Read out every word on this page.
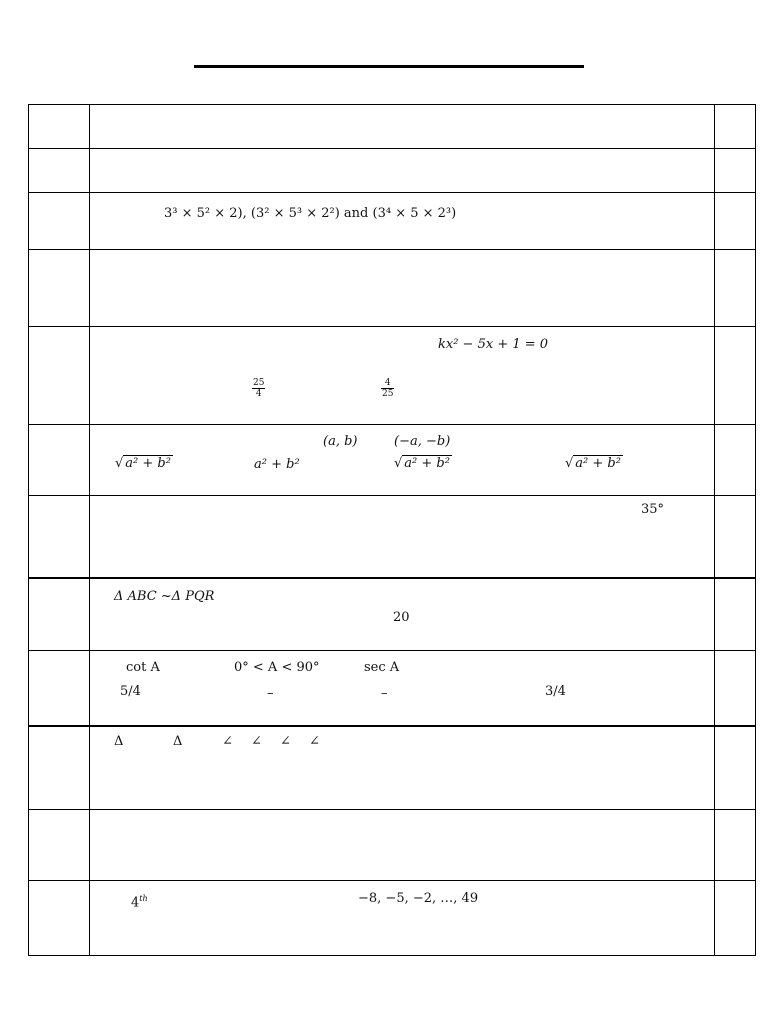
3³ × 5² × 2), (3² × 5³ × 2²) and (3⁴ × 5 × 2³)
kx² − 5x + 1 = 0
$\frac{25}{4}$	$\frac{4}{25}$
(a, b)	(−a, −b)
√ a² + b²	a² + b²	√ a² + b²	√ a² + b²
35°
Δ ABC ~Δ PQR
20
cot A	0° < A < 90°	sec A
5/4	–	–	3/4
Δ	Δ	∠ ∠ ∠ ∠
4th	−8, −5, −2, …, 49
